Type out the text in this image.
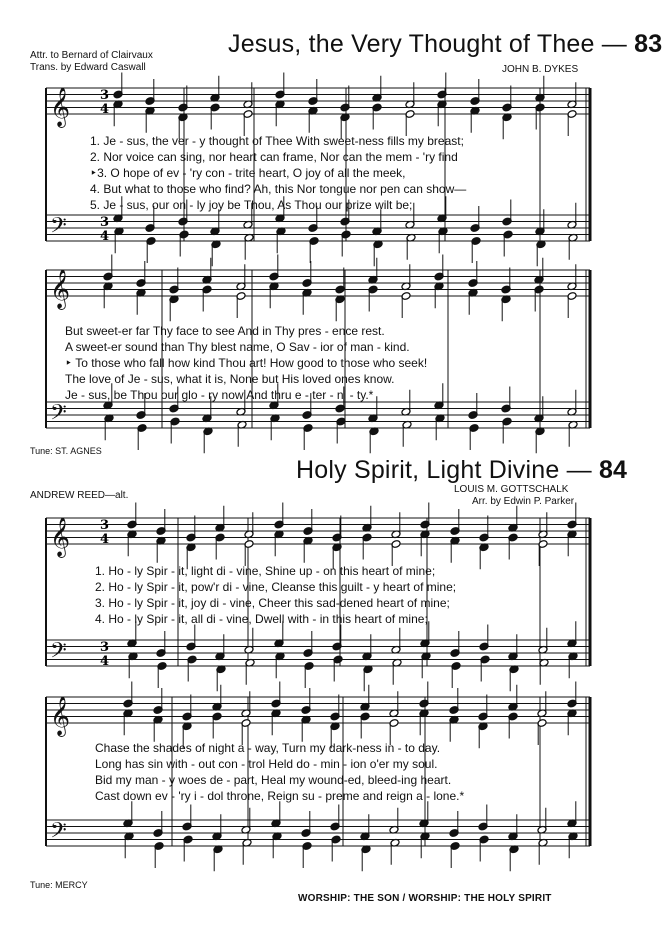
𝄞
𝄢
𝄞
𝄢
𝄞
𝄢
𝄞
𝄢
3
4
3
4
3
4
3
4
Jesus, the Very Thought of Thee — 83
Attr. to Bernard of Clairvaux
Trans. by Edward Caswall	JOHN B. DYKES
1. Je - sus, the ver - y thought of Thee With sweet-ness fills my breast;
2. Nor voice can sing, nor heart can frame, Nor can the mem - 'ry find
‣3. O hope of ev - 'ry con - trite heart, O joy of all the meek,
4. But what to those who find? Ah, this Nor tongue nor pen can show—
5. Je - sus, our on - ly joy be Thou, As Thou our prize wilt be;
But sweet-er far Thy face to see And in Thy pres - ence rest.
A sweet-er sound than Thy blest name, O Sav - ior of man - kind.
‣ To those who fall how kind Thou art! How good to those who seek!
The love of Je - sus, what it is, None but His loved ones know.
Je - sus, be Thou our glo - ry now And thru e - ter - ni - ty.*
Tune: ST. AGNES
Holy Spirit, Light Divine — 84
ANDREW REED—alt.
LOUIS M. GOTTSCHALK
Arr. by Edwin P. Parker
1. Ho - ly Spir - it, light di - vine, Shine up - on this heart of mine;
2. Ho - ly Spir - it, pow'r di - vine, Cleanse this guilt - y heart of mine;
3. Ho - ly Spir - it, joy di - vine, Cheer this sad-dened heart of mine;
4. Ho - ly Spir - it, all di - vine, Dwell with - in this heart of mine;
Chase the shades of night a - way, Turn my dark-ness in - to day.
Long has sin with - out con - trol Held do - min - ion o'er my soul.
Bid my man - y woes de - part, Heal my wound-ed, bleed-ing heart.
Cast down ev - 'ry i - dol throne, Reign su - preme and reign a - lone.*
Tune: MERCY
WORSHIP: THE SON / WORSHIP: THE HOLY SPIRIT
